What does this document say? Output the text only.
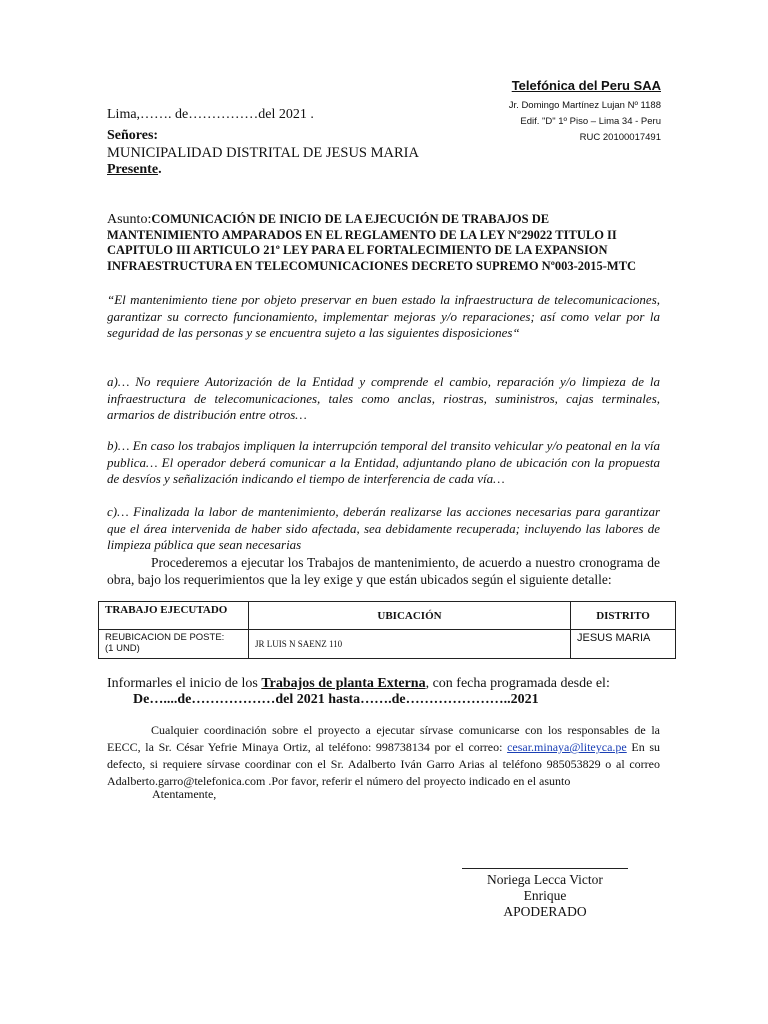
Telefónica del Peru SAA
Jr. Domingo Martínez Lujan Nº 1188
Edif. "D" 1º Piso – Lima 34 - Peru
RUC 20100017491
Lima,……. de……………del 2021 .
Señores:
MUNICIPALIDAD DISTRITAL DE JESUS MARIA
Presente.
Asunto:COMUNICACIÓN DE INICIO DE LA EJECUCIÓN DE TRABAJOS DE MANTENIMIENTO AMPARADOS EN EL REGLAMENTO DE LA LEY Nº29022 TITULO II CAPITULO III ARTICULO 21º LEY PARA EL FORTALECIMIENTO DE LA EXPANSION INFRAESTRUCTURA EN TELECOMUNICACIONES DECRETO SUPREMO Nº003-2015-MTC
“El mantenimiento tiene por objeto preservar en buen estado la infraestructura de telecomunicaciones, garantizar su correcto funcionamiento, implementar mejoras y/o reparaciones; así como velar por la seguridad de las personas y se encuentra sujeto a las siguientes disposiciones“
a)… No requiere Autorización de la Entidad y comprende el cambio, reparación y/o limpieza de la infraestructura de telecomunicaciones, tales como anclas, riostras, suministros, cajas terminales, armarios de distribución entre otros…
b)… En caso los trabajos impliquen la interrupción temporal del transito vehicular y/o peatonal en la vía publica… El operador deberá comunicar a la Entidad, adjuntando plano de ubicación con la propuesta de desvíos y señalización indicando el tiempo de interferencia de cada vía…
c)… Finalizada la labor de mantenimiento, deberán realizarse las acciones necesarias para garantizar que el área intervenida de haber sido afectada, sea debidamente recuperada; incluyendo las labores de limpieza pública que sean necesarias
Procederemos a ejecutar los Trabajos de mantenimiento, de acuerdo a nuestro cronograma de obra, bajo los requerimientos que la ley exige y que están ubicados según el siguiente detalle:
TRABAJO EJECUTADO	UBICACIÓN	DISTRITO

REUBICACION DE POSTE:
(1 UND)	JR LUIS N SAENZ 110	JESUS MARIA
Informarles el inicio de los Trabajos de planta Externa, con fecha programada desde el:
De…....de………………del 2021 hasta…….de…………………..2021
Cualquier coordinación sobre el proyecto a ejecutar sírvase comunicarse con los responsables de la EECC, la Sr. César Yefrie Minaya Ortiz, al teléfono: 998738134 por el correo: cesar.minaya@liteyca.pe En su defecto, si requiere sírvase coordinar con el Sr. Adalberto Iván Garro Arias al teléfono 985053829 o al correo Adalberto.garro@telefonica.com .Por favor, referir el número del proyecto indicado en el asunto
Atentamente,
Noriega Lecca Victor
Enrique
APODERADO
